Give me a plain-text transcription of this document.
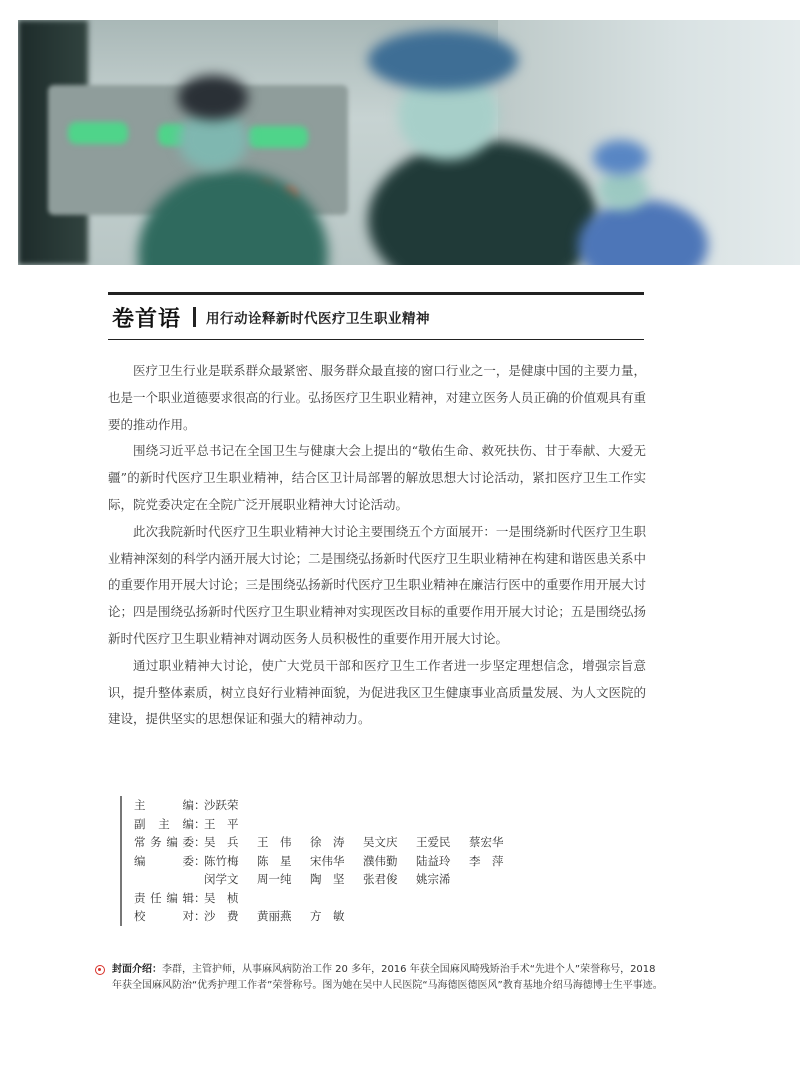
卷首语 用行动诠释新时代医疗卫生职业精神

医疗卫生行业是联系群众最紧密、服务群众最直接的窗口行业之一，是健康中国的主要力量，也是一个职业道德要求很高的行业。弘扬医疗卫生职业精神，对建立医务人员正确的价值观具有重要的推动作用。

围绕习近平总书记在全国卫生与健康大会上提出的“敬佑生命、救死扶伤、甘于奉献、大爱无疆”的新时代医疗卫生职业精神，结合区卫计局部署的解放思想大讨论活动，紧扣医疗卫生工作实际，院党委决定在全院广泛开展职业精神大讨论活动。

此次我院新时代医疗卫生职业精神大讨论主要围绕五个方面展开：一是围绕新时代医疗卫生职业精神深刻的科学内涵开展大讨论；二是围绕弘扬新时代医疗卫生职业精神在构建和谐医患关系中的重要作用开展大讨论；三是围绕弘扬新时代医疗卫生职业精神在廉洁行医中的重要作用开展大讨论；四是围绕弘扬新时代医疗卫生职业精神对实现医改目标的重要作用开展大讨论；五是围绕弘扬新时代医疗卫生职业精神对调动医务人员积极性的重要作用开展大讨论。

通过职业精神大讨论，使广大党员干部和医疗卫生工作者进一步坚定理想信念，增强宗旨意识，提升整体素质，树立良好行业精神面貌，为促进我区卫生健康事业高质量发展、为人文医院的建设，提供坚实的思想保证和强大的精神动力。

主　　编 ：
沙跃荣
副 主 编 ：
王　平
常务编委 ：
吴　兵	王　伟	徐　涛	吴文庆	王爱民	蔡宏华
编　　委 ：
陈竹梅	陈　星	宋伟华	濮伟勤	陆益玲	李　萍
闵学文	周一纯	陶　坚	张君俊	姚宗浠
责任编辑 ：
吴　桢
校　　对 ：
沙　费	黄丽燕	方　敏
封面介绍：李群，主管护师，从事麻风病防治工作 20 多年，2016 年获全国麻风畸残矫治手术“先进个人”荣誉称号，2018 年获全国麻风防治“优秀护理工作者”荣誉称号。图为她在吴中人民医院“马海德医德医风”教育基地介绍马海德博士生平事迹。
